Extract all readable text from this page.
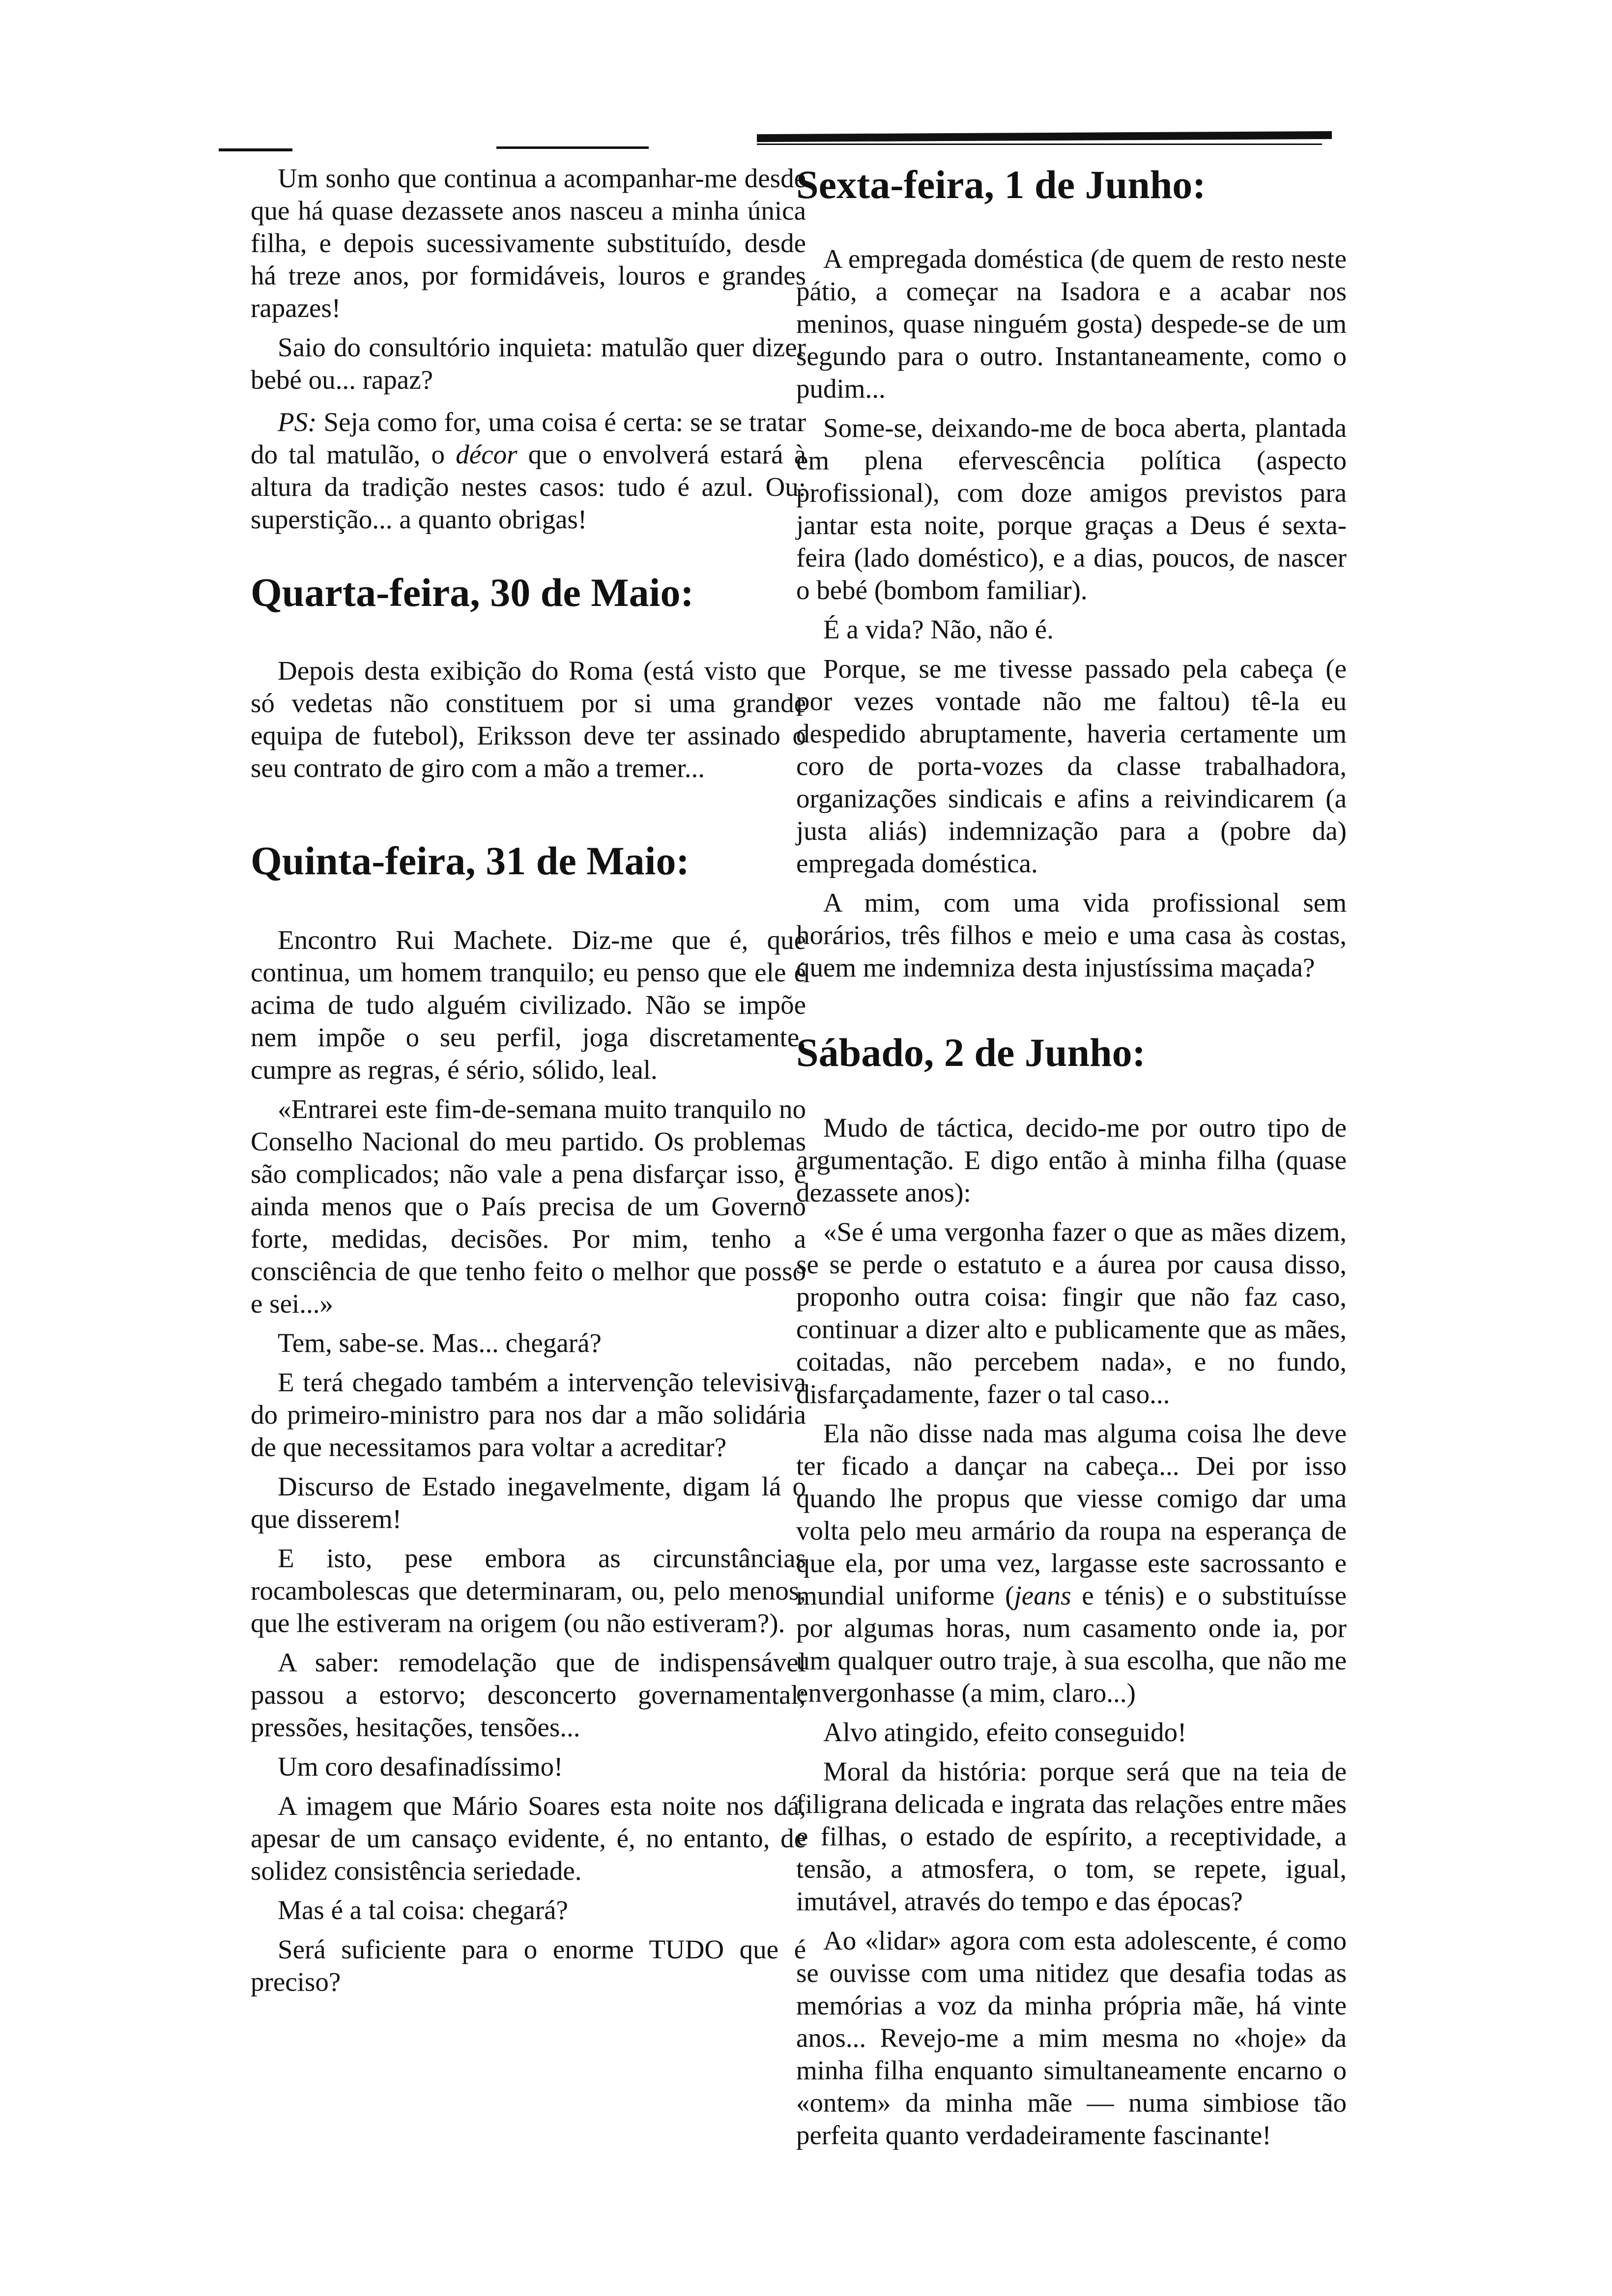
Um sonho que continua a acompanhar-me desde que há quase dezassete anos nasceu a minha única filha, e depois sucessivamente substituído, desde há treze anos, por formidáveis, louros e grandes rapazes!

Saio do consultório inquieta: matulão quer dizer bebé ou... rapaz?

PS: Seja como for, uma coisa é certa: se se tratar do tal matulão, o décor que o envolverá estará à altura da tradição nestes casos: tudo é azul. Ou: superstição... a quanto obrigas!

Quarta-feira, 30 de Maio:

Depois desta exibição do Roma (está visto que só vedetas não constituem por si uma grande equipa de futebol), Eriksson deve ter assinado o seu contrato de giro com a mão a tremer...

Quinta-feira, 31 de Maio:

Encontro Rui Machete. Diz-me que é, que continua, um homem tranquilo; eu penso que ele é acima de tudo alguém civilizado. Não se impõe nem impõe o seu perfil, joga discretamente, cumpre as regras, é sério, sólido, leal.

«Entrarei este fim-de-semana muito tranquilo no Conselho Nacional do meu partido. Os problemas são complicados; não vale a pena disfarçar isso, e ainda menos que o País precisa de um Governo forte, medidas, decisões. Por mim, tenho a consciência de que tenho feito o melhor que posso e sei...»

Tem, sabe-se. Mas... chegará?

E terá chegado também a intervenção televisiva do primeiro-ministro para nos dar a mão solidária de que necessitamos para voltar a acreditar?

Discurso de Estado inegavelmente, digam lá o que disserem!

E isto, pese embora as circunstâncias rocambolescas que determinaram, ou, pelo menos, que lhe estiveram na origem (ou não estiveram?).

A saber: remodelação que de indispensável passou a estorvo; desconcerto governamental; pressões, hesitações, tensões...

Um coro desafinadíssimo!

A imagem que Mário Soares esta noite nos dá, apesar de um cansaço evidente, é, no entanto, de solidez consistência seriedade.

Mas é a tal coisa: chegará?

Será suficiente para o enorme TUDO que é preciso?

Sexta-feira, 1 de Junho:

A empregada doméstica (de quem de resto neste pátio, a começar na Isadora e a acabar nos meninos, quase ninguém gosta) despede-se de um segundo para o outro. Instantaneamente, como o pudim...

Some-se, deixando-me de boca aberta, plantada em plena efervescência política (aspecto profissional), com doze amigos previstos para jantar esta noite, porque graças a Deus é sexta-feira (lado doméstico), e a dias, poucos, de nascer o bebé (bombom familiar).

É a vida? Não, não é.

Porque, se me tivesse passado pela cabeça (e por vezes vontade não me faltou) tê-la eu despedido abruptamente, haveria certamente um coro de porta-vozes da classe trabalhadora, organizações sindicais e afins a reivindicarem (a justa aliás) indemnização para a (pobre da) empregada doméstica.

A mim, com uma vida profissional sem horários, três filhos e meio e uma casa às costas, quem me indemniza desta injustíssima maçada?

Sábado, 2 de Junho:

Mudo de táctica, decido-me por outro tipo de argumentação. E digo então à minha filha (quase dezassete anos):

«Se é uma vergonha fazer o que as mães dizem, se se perde o estatuto e a áurea por causa disso, proponho outra coisa: fingir que não faz caso, continuar a dizer alto e publicamente que as mães, coitadas, não percebem nada», e no fundo, disfarçadamente, fazer o tal caso...

Ela não disse nada mas alguma coisa lhe deve ter ficado a dançar na cabeça... Dei por isso quando lhe propus que viesse comigo dar uma volta pelo meu armário da roupa na esperança de que ela, por uma vez, largasse este sacrossanto e mundial uniforme (jeans e ténis) e o substituísse por algumas horas, num casamento onde ia, por um qualquer outro traje, à sua escolha, que não me envergonhasse (a mim, claro...)

Alvo atingido, efeito conseguido!

Moral da história: porque será que na teia de filigrana delicada e ingrata das relações entre mães e filhas, o estado de espírito, a receptividade, a tensão, a atmosfera, o tom, se repete, igual, imutável, através do tempo e das épocas?

Ao «lidar» agora com esta adolescente, é como se ouvisse com uma nitidez que desafia todas as memórias a voz da minha própria mãe, há vinte anos... Revejo-me a mim mesma no «hoje» da minha filha enquanto simultaneamente encarno o «ontem» da minha mãe — numa simbiose tão perfeita quanto verdadeiramente fascinante!
